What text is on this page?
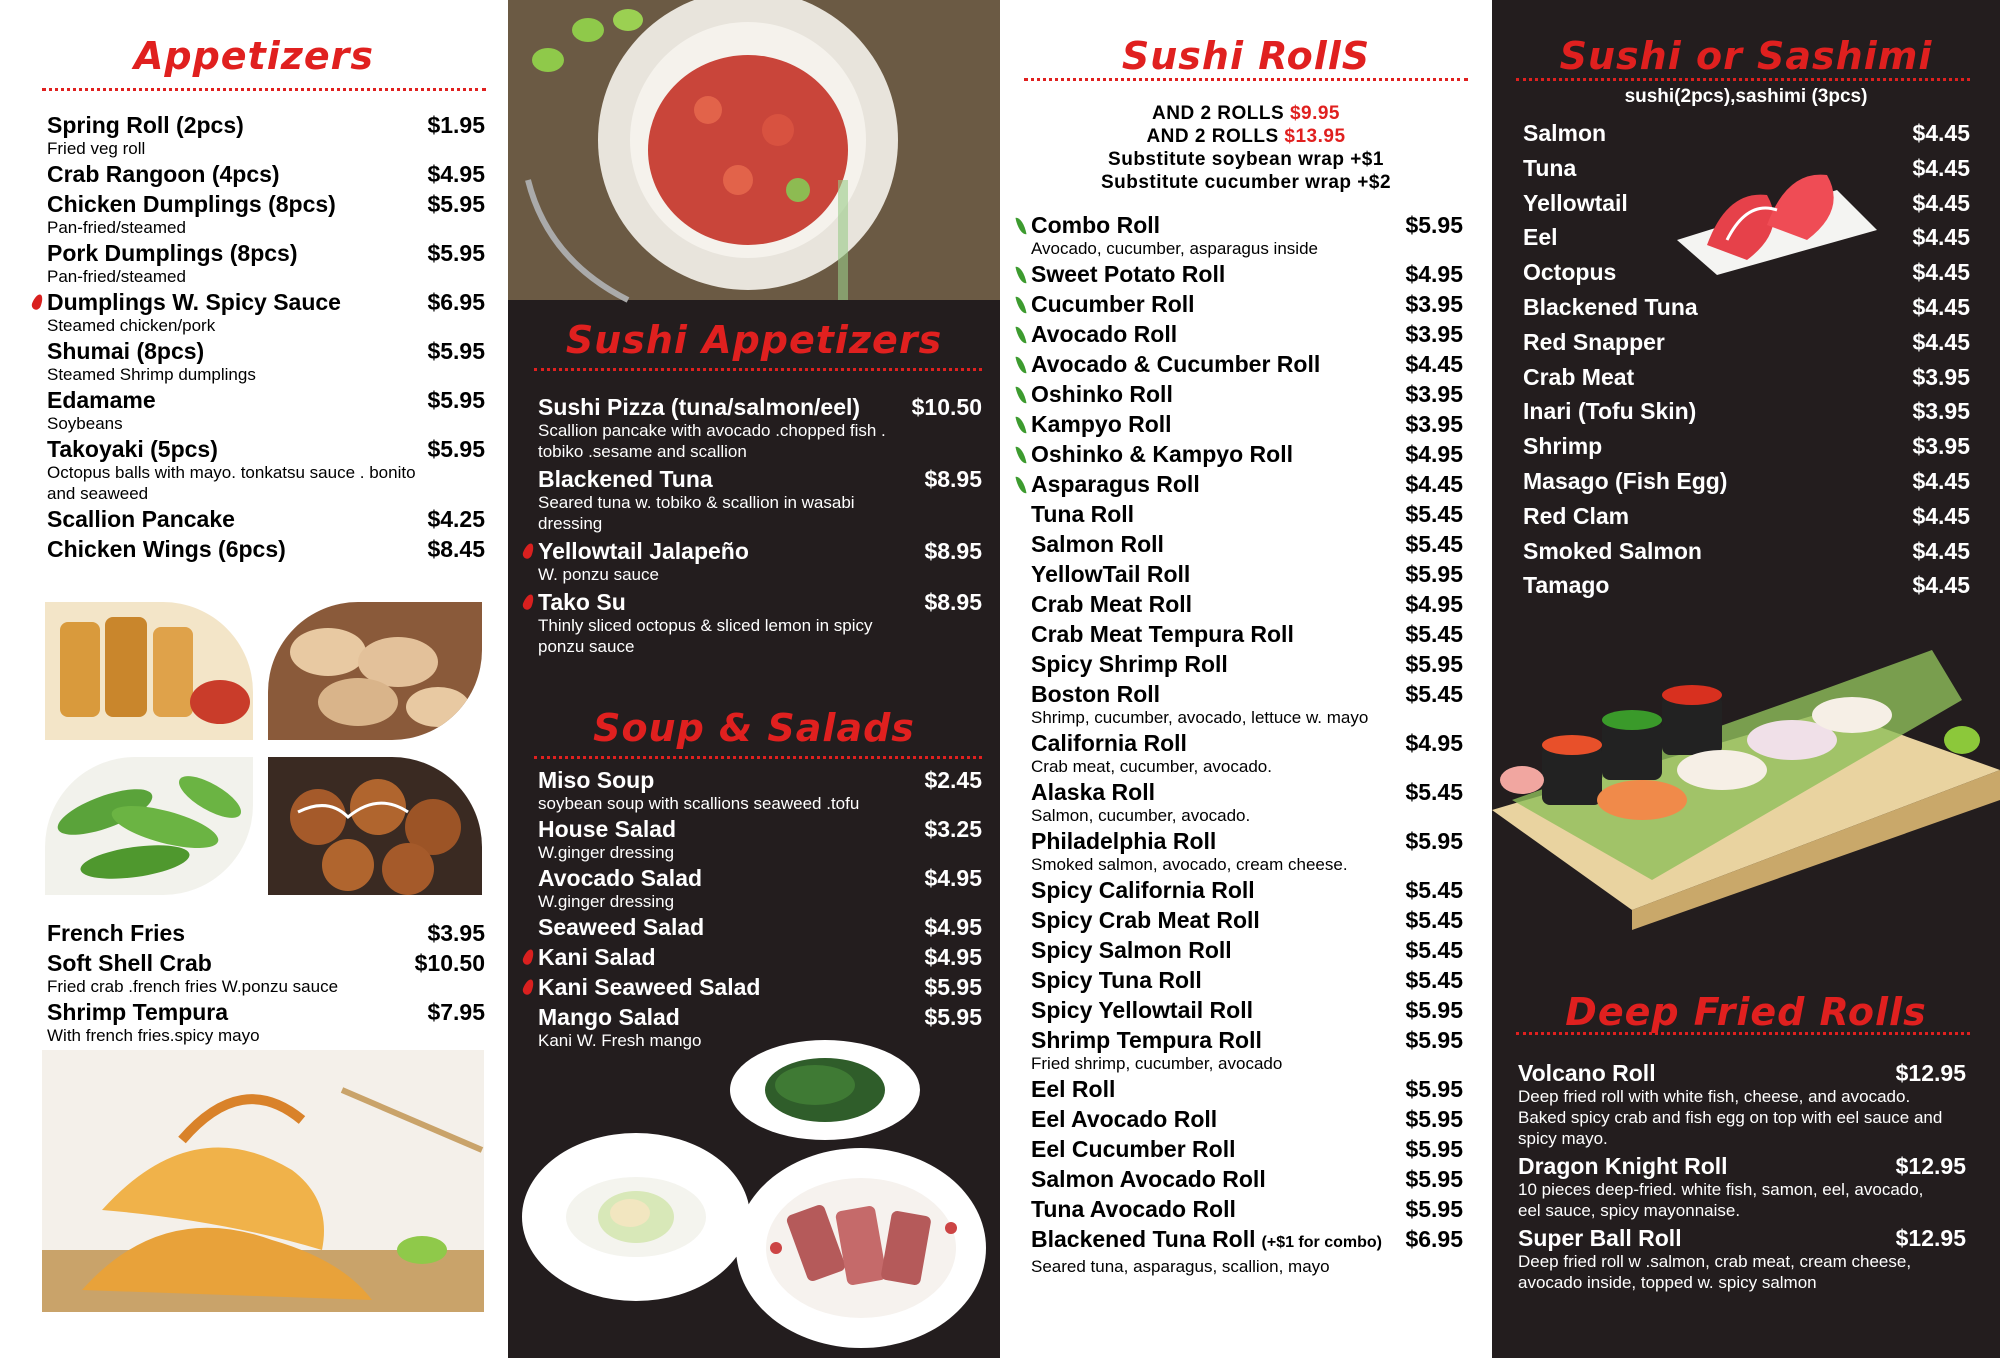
Appetizers
Spring Roll (2pcs)	$1.95
Fried veg roll
Crab Rangoon (4pcs)	$4.95
Chicken Dumplings (8pcs)	$5.95
Pan-fried/steamed
Pork Dumplings (8pcs)	$5.95
Pan-fried/steamed
Dumplings W. Spicy Sauce	$6.95
Steamed chicken/pork
Shumai (8pcs)	$5.95
Steamed Shrimp dumplings
Edamame	$5.95
Soybeans
Takoyaki (5pcs)	$5.95
Octopus balls with mayo. tonkatsu sauce . bonito and seaweed
Scallion Pancake	$4.25
Chicken Wings (6pcs)	$8.45
French Fries	$3.95
Soft Shell Crab	$10.50
Fried crab .french fries W.ponzu sauce
Shrimp Tempura	$7.95
With french fries.spicy mayo
Sushi Appetizers
Sushi Pizza (tuna/salmon/eel) $10.50
Scallion pancake with avocado .chopped fish . tobiko .sesame and scallion
Blackened Tuna	$8.95
Seared tuna w. tobiko & scallion in wasabi dressing
Yellowtail Jalapeño	$8.95
W. ponzu sauce
Tako Su	$8.95
Thinly sliced octopus & sliced lemon in spicy ponzu sauce
Soup & Salads
Miso Soup	$2.45
soybean soup with scallions seaweed .tofu
House Salad	$3.25
W.ginger dressing
Avocado Salad	$4.95
W.ginger dressing
Seaweed Salad	$4.95
Kani Salad	$4.95
Kani Seaweed Salad	$5.95
Mango Salad	$5.95
Kani W. Fresh mango
Sushi RollS
AND 2 ROLLS $9.95
AND 2 ROLLS $13.95
Substitute soybean wrap +$1
Substitute cucumber wrap +$2
Combo Roll	$5.95
Avocado, cucumber, asparagus inside
Sweet Potato Roll	$4.95
Cucumber Roll	$3.95
Avocado Roll	$3.95
Avocado & Cucumber Roll	$4.45
Oshinko Roll	$3.95
Kampyo Roll	$3.95
Oshinko & Kampyo Roll	$4.95
Asparagus Roll	$4.45
Tuna Roll	$5.45
Salmon Roll	$5.45
YellowTail Roll	$5.95
Crab Meat Roll	$4.95
Crab Meat Tempura Roll	$5.45
Spicy Shrimp Roll	$5.95
Boston Roll	$5.45
Shrimp, cucumber, avocado, lettuce w. mayo
California Roll	$4.95
Crab meat, cucumber, avocado.
Alaska Roll	$5.45
Salmon, cucumber, avocado.
Philadelphia Roll	$5.95
Smoked salmon, avocado, cream cheese.
Spicy California Roll	$5.45
Spicy Crab Meat Roll	$5.45
Spicy Salmon Roll	$5.45
Spicy Tuna Roll	$5.45
Spicy Yellowtail Roll	$5.95
Shrimp Tempura Roll	$5.95
Fried shrimp, cucumber, avocado
Eel Roll	$5.95
Eel Avocado Roll	$5.95
Eel Cucumber Roll	$5.95
Salmon Avocado Roll	$5.95
Tuna Avocado Roll	$5.95
Blackened Tuna Roll (+$1 for combo) $6.95
Seared tuna, asparagus, scallion, mayo
Sushi or Sashimi
sushi(2pcs),sashimi (3pcs)
Salmon	$4.45
Tuna	$4.45
Yellowtail	$4.45
Eel	$4.45
Octopus	$4.45
Blackened Tuna	$4.45
Red Snapper	$4.45
Crab Meat	$3.95
Inari (Tofu Skin)	$3.95
Shrimp	$3.95
Masago (Fish Egg)	$4.45
Red Clam	$4.45
Smoked Salmon	$4.45
Tamago	$4.45
Deep Fried Rolls
Volcano Roll	$12.95
Deep fried roll with white fish, cheese, and avocado. Baked spicy crab and fish egg on top with eel sauce and spicy mayo.
Dragon Knight Roll	$12.95
10 pieces deep-fried. white fish, samon, eel, avocado, eel sauce, spicy mayonnaise.
Super Ball Roll	$12.95
Deep fried roll w .salmon, crab meat, cream cheese, avocado inside, topped w. spicy salmon
